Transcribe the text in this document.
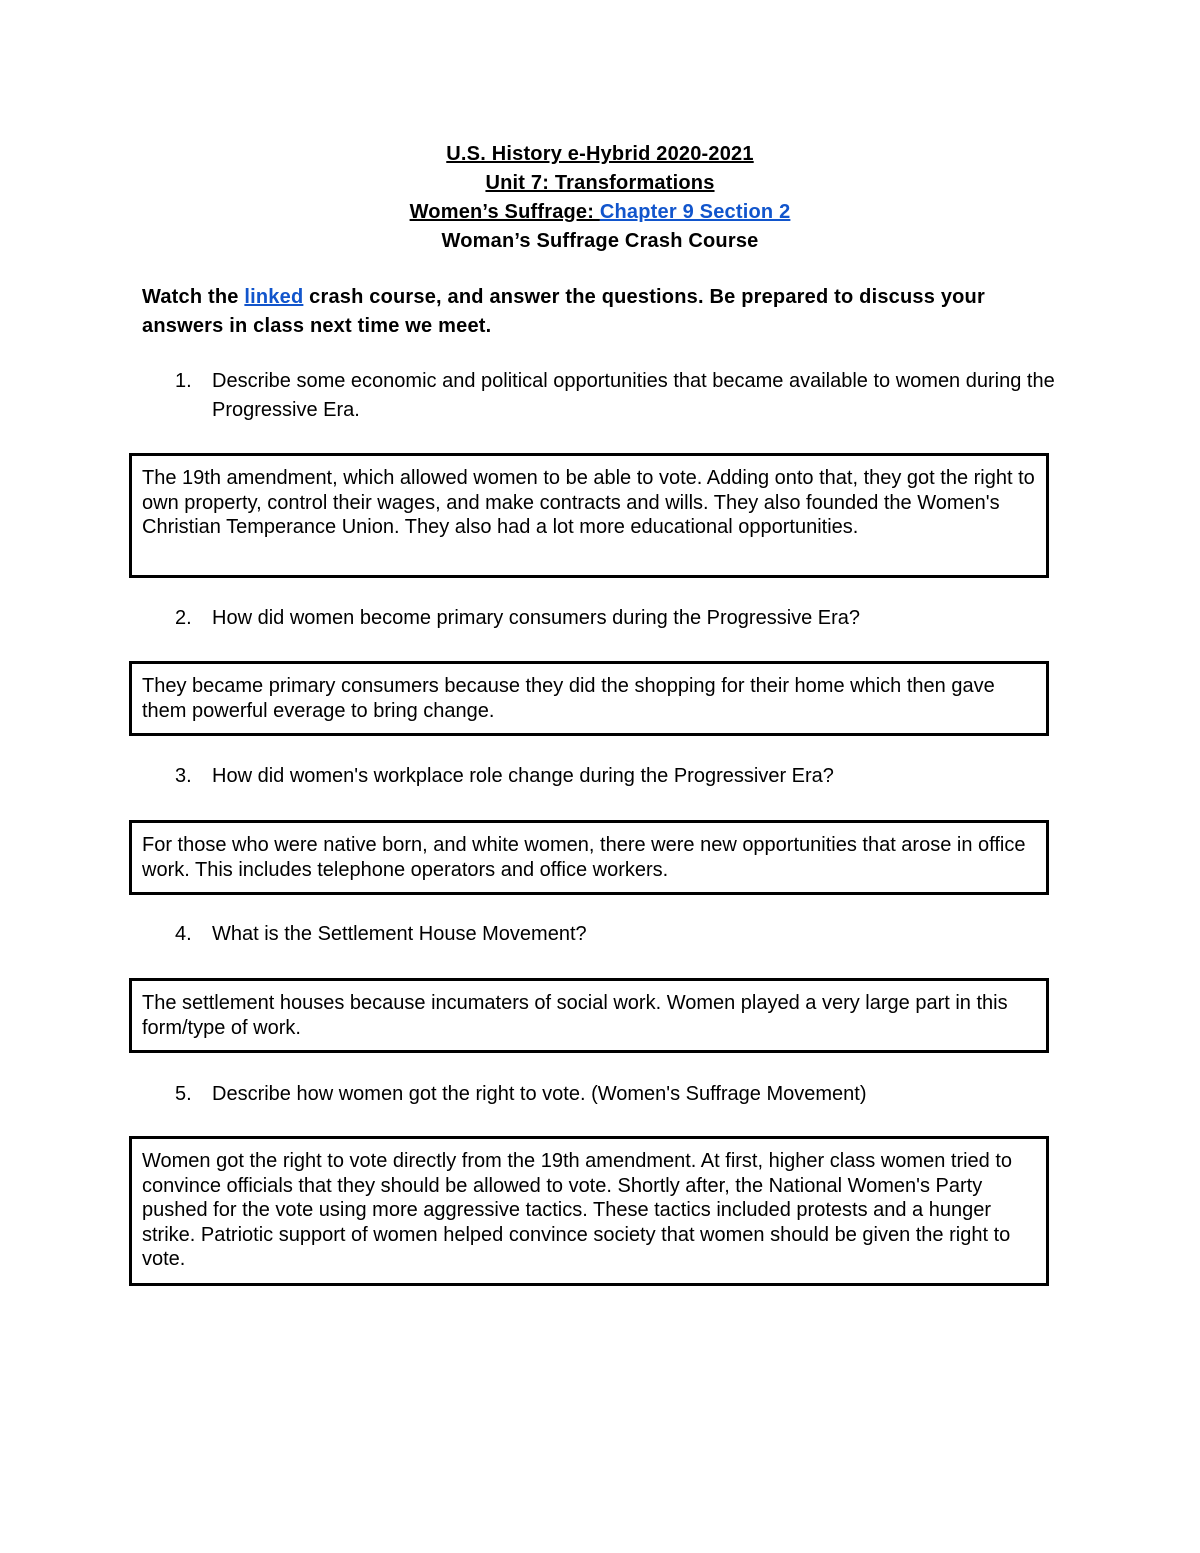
U.S. History e-Hybrid 2020-2021
Unit 7: Transformations
Women’s Suffrage: Chapter 9 Section 2
Woman’s Suffrage Crash Course
Watch the linked crash course, and answer the questions. Be prepared to discuss your answers in class next time we meet.
1.	Describe some economic and political opportunities that became available to women during the Progressive Era.
The 19th amendment, which allowed women to be able to vote. Adding onto that, they got the right to own property, control their wages, and make contracts and wills. They also founded the Women's Christian Temperance Union. They also had a lot more educational opportunities.
2.	How did women become primary consumers during the Progressive Era?
They became primary consumers because they did the shopping for their home which then gave them powerful everage to bring change.
3.	How did women's workplace role change during the Progressiver Era?
For those who were native born, and white women, there were new opportunities that arose in office work. This includes telephone operators and office workers.
4.	What is the Settlement House Movement?
The settlement houses because incumaters of social work. Women played a very large part in this form/type of work.
5.	Describe how women got the right to vote. (Women's Suffrage Movement)
Women got the right to vote directly from the 19th amendment. At first, higher class women tried to convince officials that they should be allowed to vote. Shortly after, the National Women's Party pushed for the vote using more aggressive tactics. These tactics included protests and a hunger strike. Patriotic support of women helped convince society that women should be given the right to vote.
